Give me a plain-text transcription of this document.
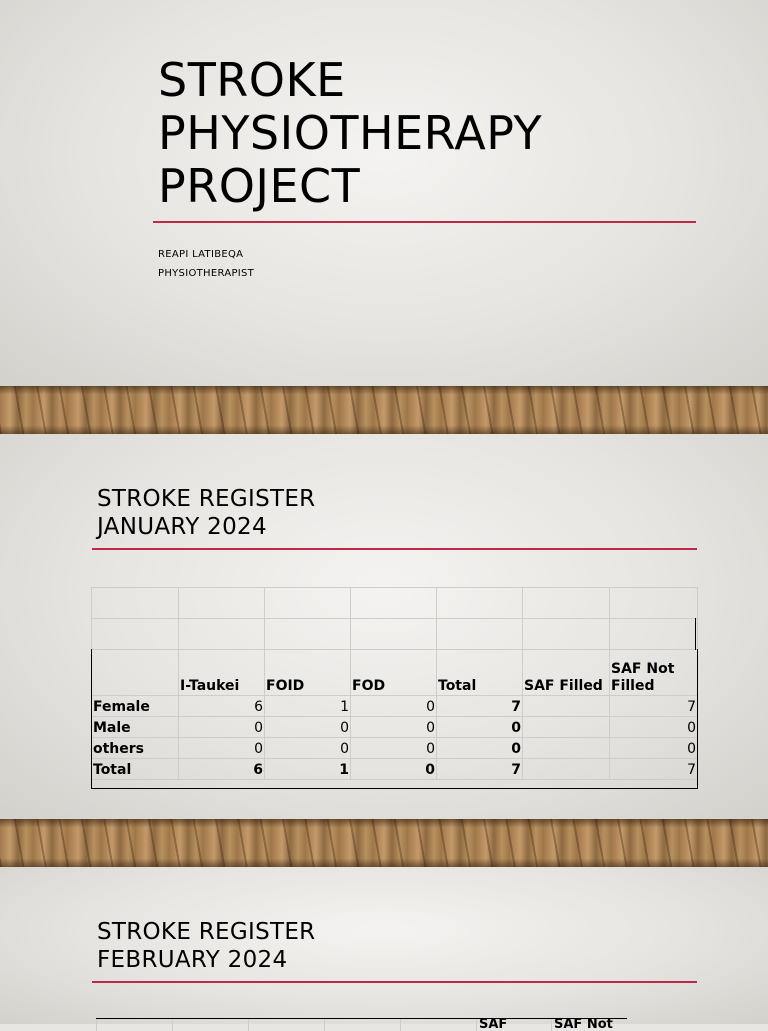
STROKE
PHYSIOTHERAPY
PROJECT
REAPI LATIBEQA
PHYSIOTHERAPIST
STROKE REGISTER
JANUARY 2024

	I-Taukei	FOID	FOD	Total	SAF Filled	SAF Not Filled
Female	6	1	0	7		7
Male	0	0	0	0		0
others	0	0	0	0		0
Total	6	1	0	7		7
STROKE REGISTER
FEBRUARY 2024
					SAF	SAF Not
